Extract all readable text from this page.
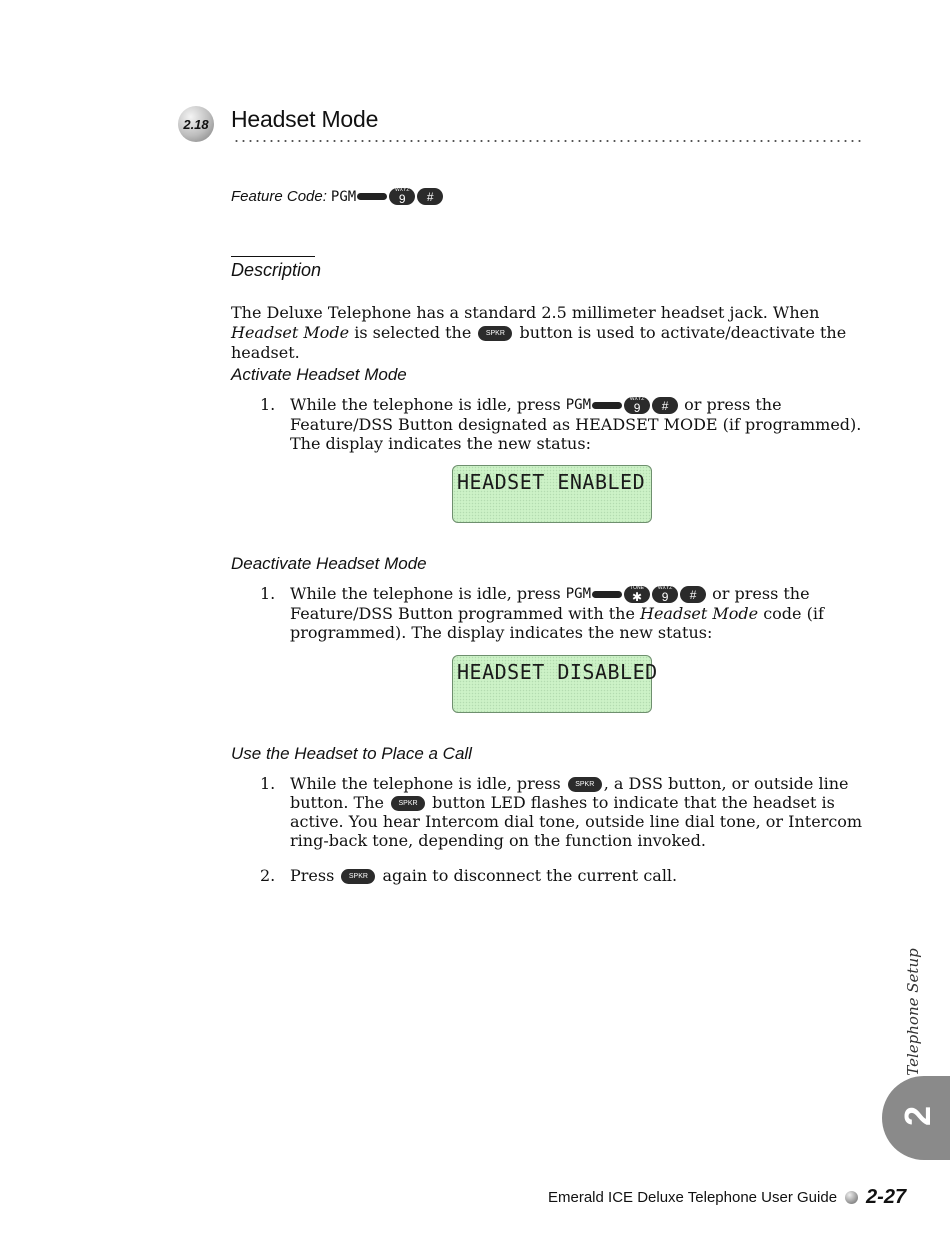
2.18 Headset Mode
Feature Code: PGM	WXYZ
9 #
Description
The Deluxe Telephone has a standard 2.5 millimeter headset jack. When Headset Mode is selected the SPKR button is used to activate/deactivate the headset.
Activate Headset Mode
1. While the telephone is idle, press PGM	WXYZ
9 # or press the Feature/DSS Button designated as HEADSET MODE (if programmed). The display indicates the new status:
HEADSET ENABLED
Deactivate Headset Mode
1. While the telephone is idle, press PGM	TONE
✱
WXYZ
9 # or press the Feature/DSS Button programmed with the Headset Mode code (if programmed). The display indicates the new status:
HEADSET DISABLED
Use the Headset to Place a Call
1. While the telephone is idle, press SPKR , a DSS button, or outside line button. The SPKR button LED flashes to indicate that the headset is active. You hear Intercom dial tone, outside line dial tone, or Intercom ring-back tone, depending on the function invoked.
2. Press SPKR again to disconnect the current call.
Telephone Setup
2
Emerald ICE Deluxe Telephone User Guide 2-27
